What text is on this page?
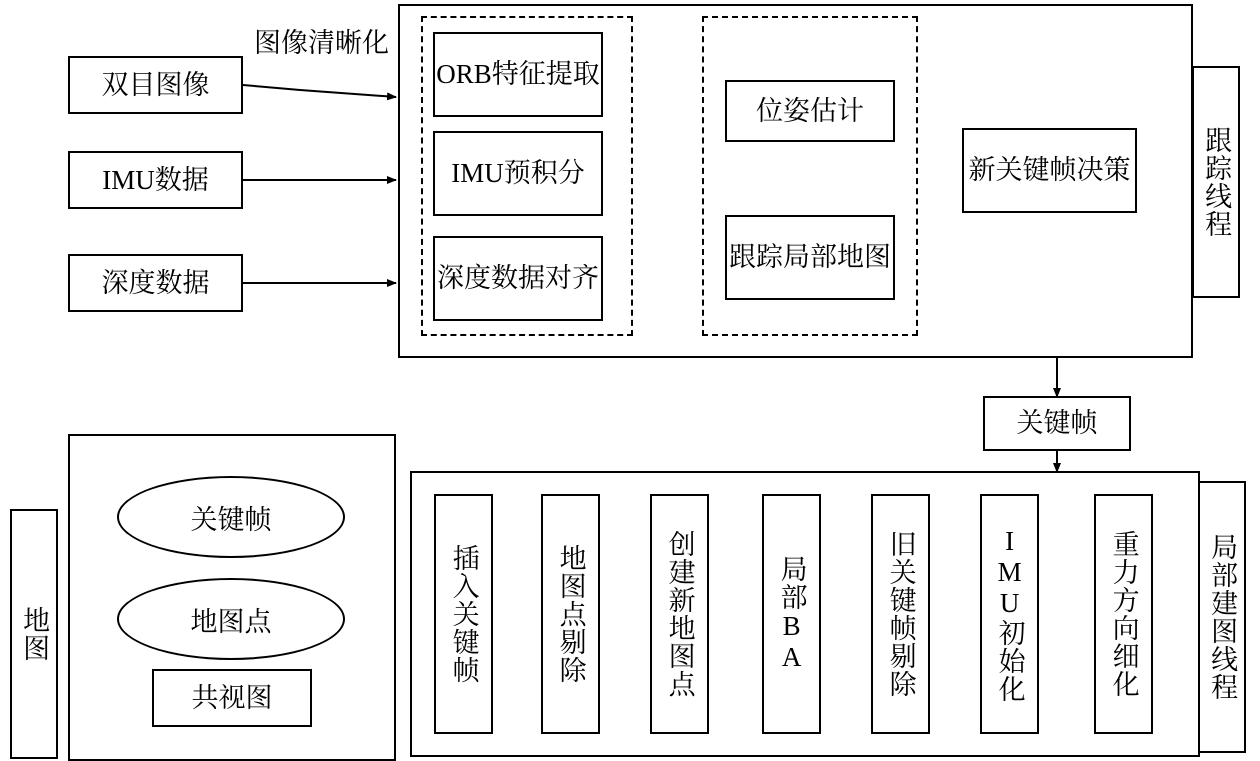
双目图像
IMU数据
深度数据
图像清晰化
ORB特征提取
IMU预积分
深度数据对齐
位姿估计
跟踪局部地图
新关键帧决策	跟踪线程
关键帧
地图
关键帧
地图点
共视图
插入关键帧	地图点剔除	创建新地图点	局部BA	旧关键帧剔除	IMU初始化	重力方向细化	局部建图线程
